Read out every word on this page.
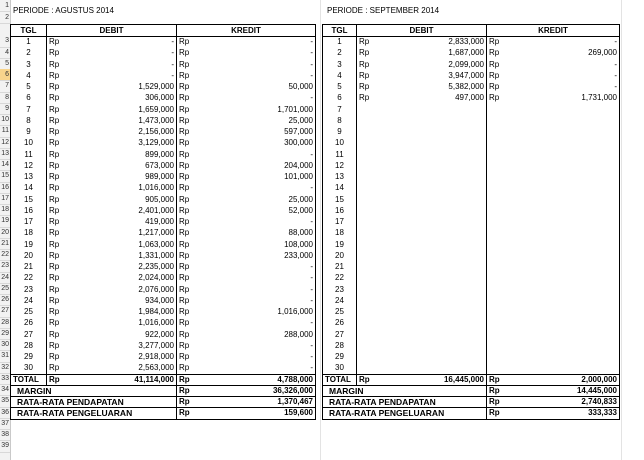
1
2
3
4
5
6
7
8
9
10
11
12
13
14
15
16
17
18
19
20
21
22
23
24
25
26
27
28
29
30
31
32
33
34
35
36
37
38
39
PERIODE : AGUSTUS 2014	PERIODE : SEPTEMBER 2014
TGL	DEBIT		KREDIT	
1	Rp	-	Rp	-
2	Rp	-	Rp	-
3	Rp	-	Rp	-
4	Rp	-	Rp	-
5	Rp	1,529,000	Rp	50,000
6	Rp	306,000	Rp	-
7	Rp	1,659,000	Rp	1,701,000
8	Rp	1,473,000	Rp	25,000
9	Rp	2,156,000	Rp	597,000
10	Rp	3,129,000	Rp	300,000
11	Rp	899,000	Rp	-
12	Rp	673,000	Rp	204,000
13	Rp	989,000	Rp	101,000
14	Rp	1,016,000	Rp	-
15	Rp	905,000	Rp	25,000
16	Rp	2,401,000	Rp	52,000
17	Rp	419,000	Rp	-
18	Rp	1,217,000	Rp	88,000
19	Rp	1,063,000	Rp	108,000
20	Rp	1,331,000	Rp	233,000
21	Rp	2,235,000	Rp	-
22	Rp	2,024,000	Rp	-
23	Rp	2,076,000	Rp	-
24	Rp	934,000	Rp	-
25	Rp	1,984,000	Rp	1,016,000
26	Rp	1,016,000	Rp	-
27	Rp	922,000	Rp	288,000
28	Rp	3,277,000	Rp	-
29	Rp	2,918,000	Rp	-
30	Rp	2,563,000	Rp	-
TOTAL	Rp	41,114,000	Rp	4,788,000
MARGIN			Rp	36,326,000
RATA-RATA PENDAPATAN			Rp	1,370,467
RATA-RATA PENGELUARAN			Rp	159,600
TGL	DEBIT		KREDIT	
1	Rp	2,833,000	Rp	-
2	Rp	1,687,000	Rp	269,000
3	Rp	2,099,000	Rp	-
4	Rp	3,947,000	Rp	-
5	Rp	5,382,000	Rp	-
6	Rp	497,000	Rp	1,731,000
7				
8				
9				
10				
11				
12				
13				
14				
15				
16				
17				
18				
19				
20				
21				
22				
23				
24				
25				
26				
27				
28				
29				
30				
TOTAL	Rp	16,445,000	Rp	2,000,000
MARGIN			Rp	14,445,000
RATA-RATA PENDAPATAN			Rp	2,740,833
RATA-RATA PENGELUARAN			Rp	333,333
